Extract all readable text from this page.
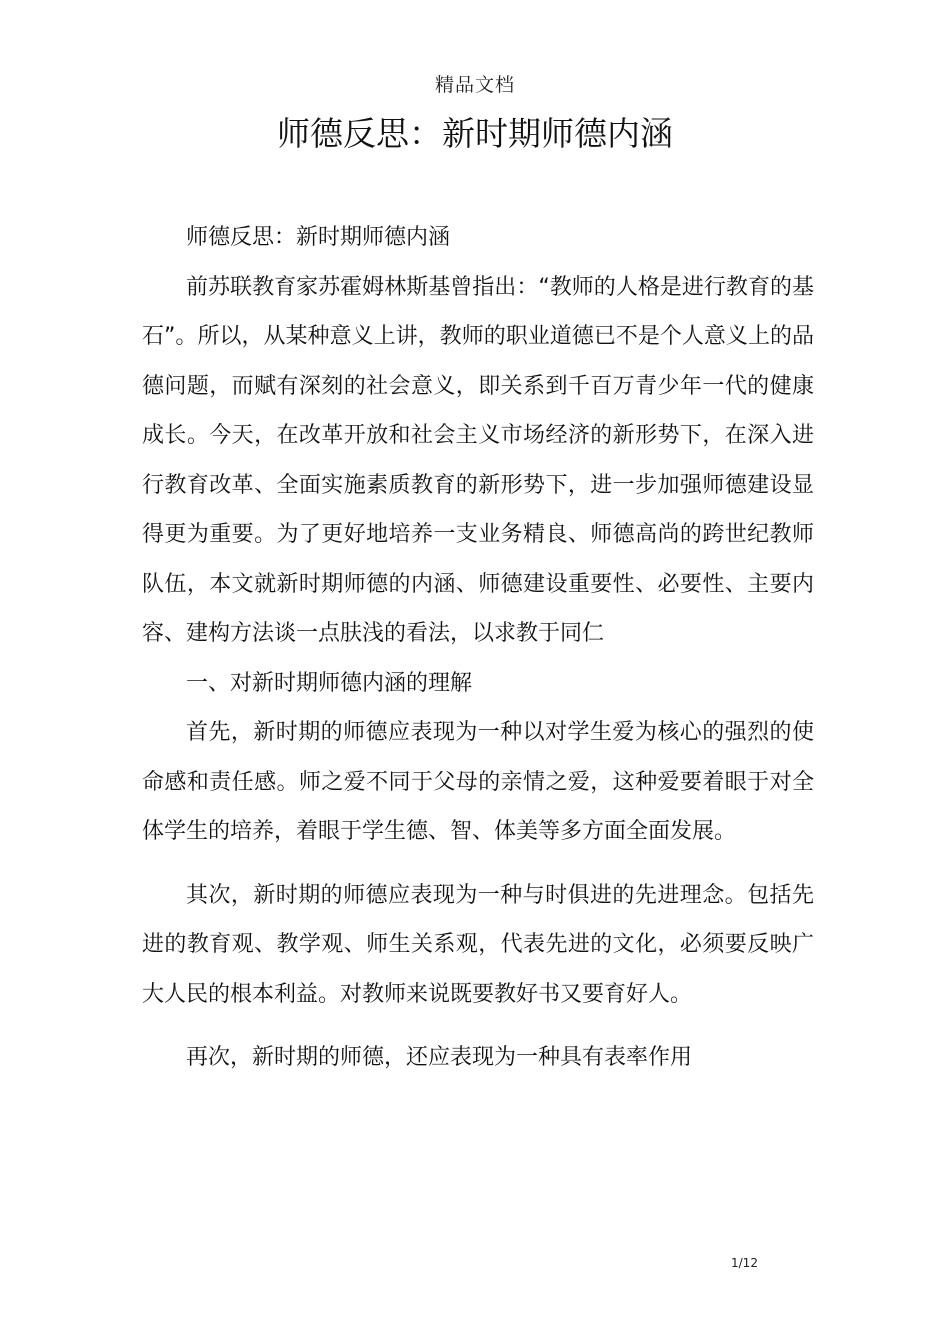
精品文档
师德反思：新时期师德内涵

师德反思：新时期师德内涵

前苏联教育家苏霍姆林斯基曾指出：“教师的人格是进行教育的基石”。所以，从某种意义上讲，教师的职业道德已不是个人意义上的品德问题，而赋有深刻的社会意义，即关系到千百万青少年一代的健康成长。今天，在改革开放和社会主义市场经济的新形势下，在深入进行教育改革、全面实施素质教育的新形势下，进一步加强师德建设显得更为重要。为了更好地培养一支业务精良、师德高尚的跨世纪教师队伍，本文就新时期师德的内涵、师德建设重要性、必要性、主要内容、建构方法谈一点肤浅的看法，以求教于同仁

一、对新时期师德内涵的理解

首先，新时期的师德应表现为一种以对学生爱为核心的强烈的使命感和责任感。师之爱不同于父母的亲情之爱，这种爱要着眼于对全体学生的培养，着眼于学生德、智、体美等多方面全面发展。

其次，新时期的师德应表现为一种与时俱进的先进理念。包括先进的教育观、教学观、师生关系观，代表先进的文化，必须要反映广大人民的根本利益。对教师来说既要教好书又要育好人。

再次，新时期的师德，还应表现为一种具有表率作用

1/12
